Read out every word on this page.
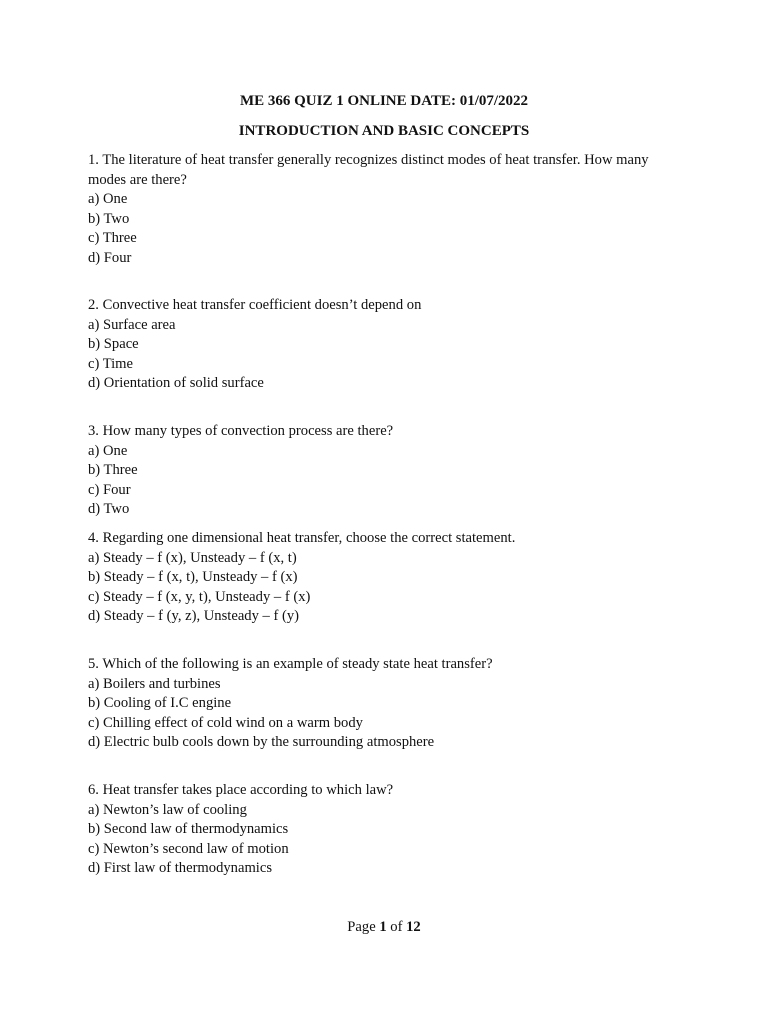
ME 366 QUIZ 1 ONLINE DATE: 01/07/2022
INTRODUCTION AND BASIC CONCEPTS
1. The literature of heat transfer generally recognizes distinct modes of heat transfer. How many modes are there?
a) One
b) Two
c) Three
d) Four
2. Convective heat transfer coefficient doesn’t depend on
a) Surface area
b) Space
c) Time
d) Orientation of solid surface
3. How many types of convection process are there?
a) One
b) Three
c) Four
d) Two
4. Regarding one dimensional heat transfer, choose the correct statement.
a) Steady – f (x), Unsteady – f (x, t)
b) Steady – f (x, t), Unsteady – f (x)
c) Steady – f (x, y, t), Unsteady – f (x)
d) Steady – f (y, z), Unsteady – f (y)
5. Which of the following is an example of steady state heat transfer?
a) Boilers and turbines
b) Cooling of I.C engine
c) Chilling effect of cold wind on a warm body
d) Electric bulb cools down by the surrounding atmosphere
6. Heat transfer takes place according to which law?
a) Newton’s law of cooling
b) Second law of thermodynamics
c) Newton’s second law of motion
d) First law of thermodynamics
Page 1 of 12
